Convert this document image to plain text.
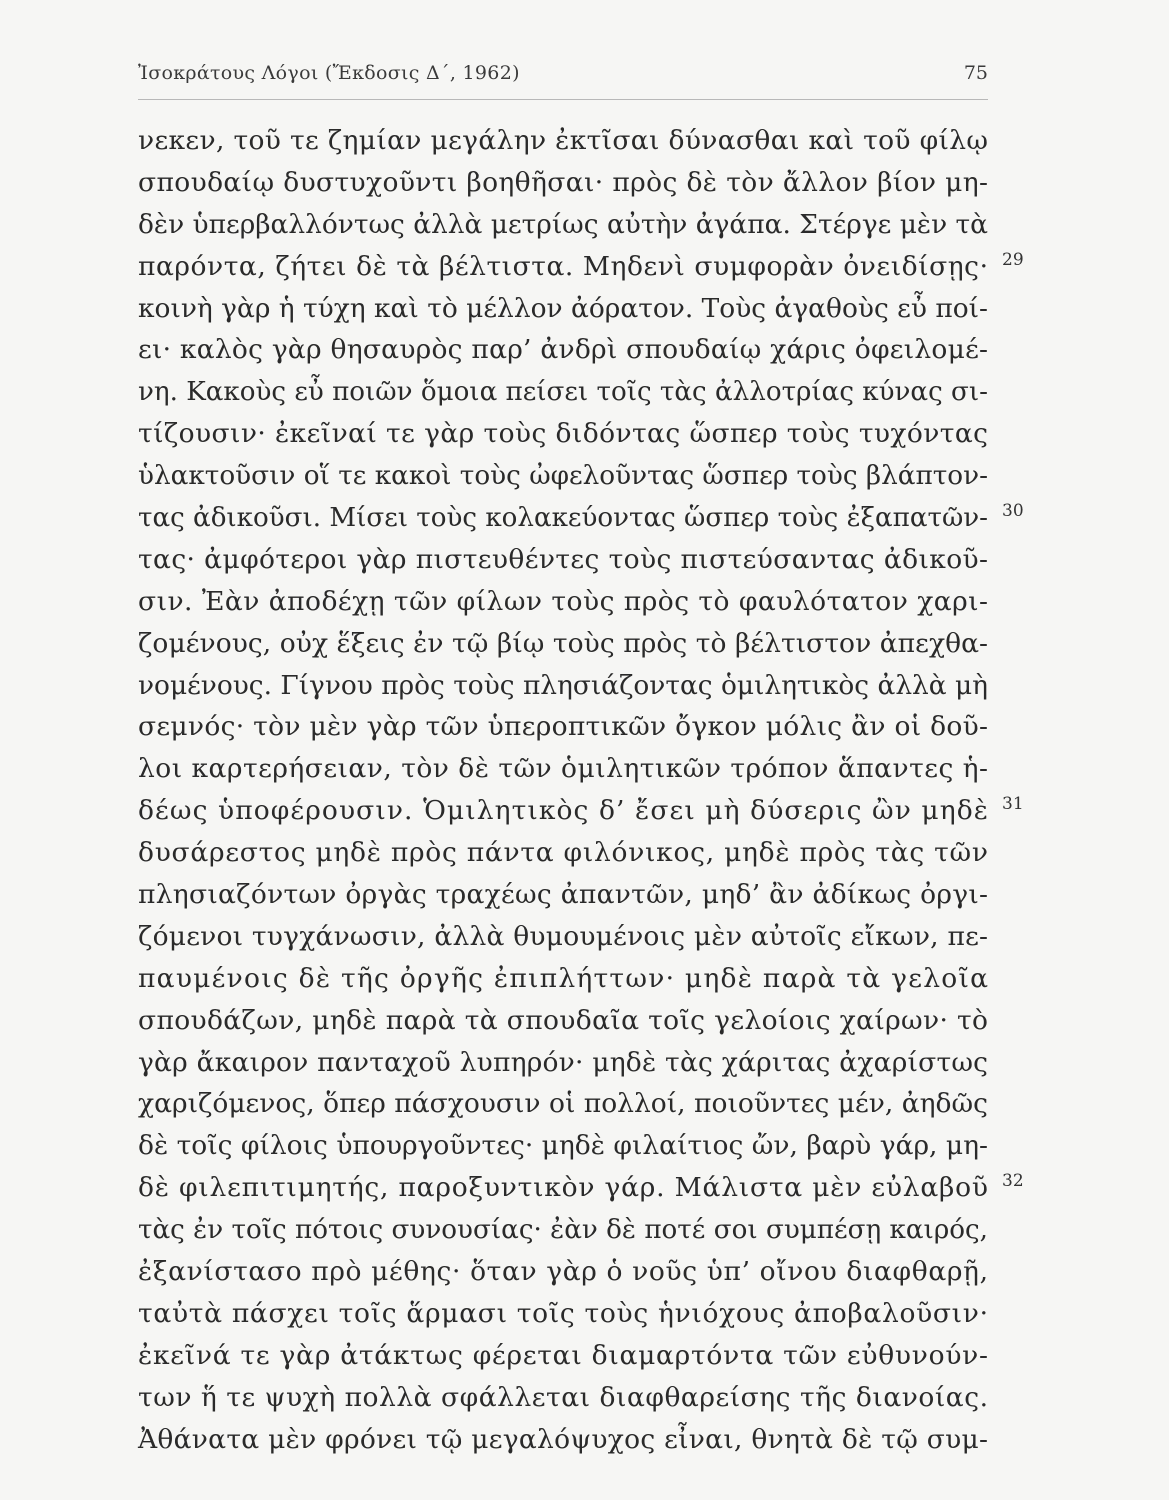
Ἰσοκράτους Λόγοι (Ἔκδοσις Δ΄, 1962)	75
νεκεν, τοῦ τε ζημίαν μεγάλην ἐκτῖσαι δύνασθαι καὶ τοῦ φίλῳ
σπουδαίῳ δυστυχοῦντι βοηθῆσαι· πρὸς δὲ τὸν ἄλλον βίον μη-
δὲν ὑπερβαλλόντως ἀλλὰ μετρίως αὐτὴν ἀγάπα. Στέργε μὲν τὰ
παρόντα, ζήτει δὲ τὰ βέλτιστα. Μηδενὶ συμφορὰν ὀνειδίσῃς· 29
κοινὴ γὰρ ἡ τύχη καὶ τὸ μέλλον ἀόρατον. Τοὺς ἀγαθοὺς εὖ ποί-
ει· καλὸς γὰρ θησαυρὸς παρ’ ἀνδρὶ σπουδαίῳ χάρις ὀφειλομέ-
νη. Κακοὺς εὖ ποιῶν ὅμοια πείσει τοῖς τὰς ἀλλοτρίας κύνας σι-
τίζουσιν· ἐκεῖναί τε γὰρ τοὺς διδόντας ὥσπερ τοὺς τυχόντας
ὑλακτοῦσιν οἵ τε κακοὶ τοὺς ὠφελοῦντας ὥσπερ τοὺς βλάπτον-
τας ἀδικοῦσι. Μίσει τοὺς κολακεύοντας ὥσπερ τοὺς ἐξαπατῶν- 30
τας· ἀμφότεροι γὰρ πιστευθέντες τοὺς πιστεύσαντας ἀδικοῦ-
σιν. Ἐὰν ἀποδέχῃ τῶν φίλων τοὺς πρὸς τὸ φαυλότατον χαρι-
ζομένους, οὐχ ἕξεις ἐν τῷ βίῳ τοὺς πρὸς τὸ βέλτιστον ἀπεχθα-
νομένους. Γίγνου πρὸς τοὺς πλησιάζοντας ὁμιλητικὸς ἀλλὰ μὴ
σεμνός· τὸν μὲν γὰρ τῶν ὑπεροπτικῶν ὄγκον μόλις ἂν οἱ δοῦ-
λοι καρτερήσειαν, τὸν δὲ τῶν ὁμιλητικῶν τρόπον ἅπαντες ἡ-
δέως ὑποφέρουσιν. Ὁμιλητικὸς δ’ ἔσει μὴ δύσερις ὢν μηδὲ 31
δυσάρεστος μηδὲ πρὸς πάντα φιλόνικος, μηδὲ πρὸς τὰς τῶν
πλησιαζόντων ὀργὰς τραχέως ἀπαντῶν, μηδ’ ἂν ἀδίκως ὀργι-
ζόμενοι τυγχάνωσιν, ἀλλὰ θυμουμένοις μὲν αὐτοῖς εἴκων, πε-
παυμένοις δὲ τῆς ὀργῆς ἐπιπλήττων· μηδὲ παρὰ τὰ γελοῖα
σπουδάζων, μηδὲ παρὰ τὰ σπουδαῖα τοῖς γελοίοις χαίρων· τὸ
γὰρ ἄκαιρον πανταχοῦ λυπηρόν· μηδὲ τὰς χάριτας ἀχαρίστως
χαριζόμενος, ὅπερ πάσχουσιν οἱ πολλοί, ποιοῦντες μέν, ἀηδῶς
δὲ τοῖς φίλοις ὑπουργοῦντες· μηδὲ φιλαίτιος ὤν, βαρὺ γάρ, μη-
δὲ φιλεπιτιμητής, παροξυντικὸν γάρ. Μάλιστα μὲν εὐλαβοῦ 32
τὰς ἐν τοῖς πότοις συνουσίας· ἐὰν δὲ ποτέ σοι συμπέσῃ καιρός,
ἐξανίστασο πρὸ μέθης· ὅταν γὰρ ὁ νοῦς ὑπ’ οἴνου διαφθαρῇ,
ταὐτὰ πάσχει τοῖς ἅρμασι τοῖς τοὺς ἡνιόχους ἀποβαλοῦσιν·
ἐκεῖνά τε γὰρ ἀτάκτως φέρεται διαμαρτόντα τῶν εὐθυνούν-
των ἥ τε ψυχὴ πολλὰ σφάλλεται διαφθαρείσης τῆς διανοίας.
Ἀθάνατα μὲν φρόνει τῷ μεγαλόψυχος εἶναι, θνητὰ δὲ τῷ συμ-
